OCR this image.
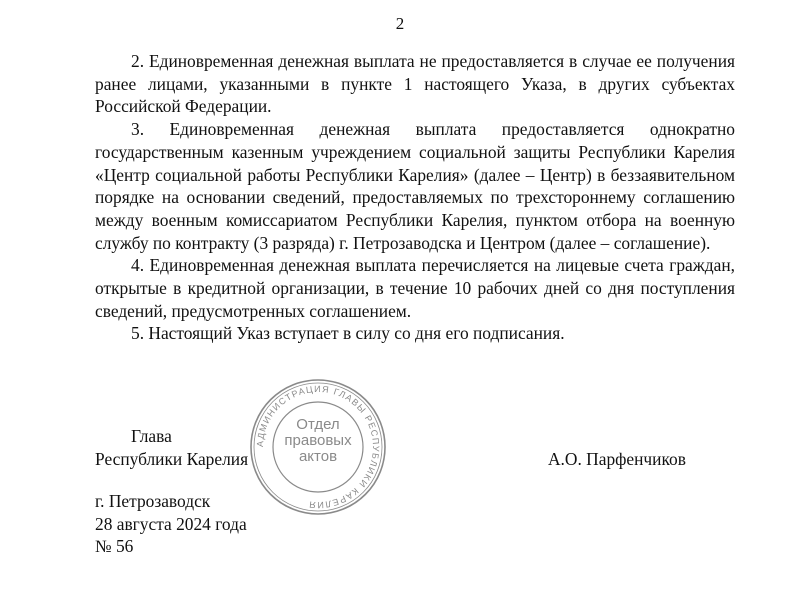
2

2. Единовременная денежная выплата не предоставляется в случае ее получения ранее лицами, указанными в пункте 1 настоящего Указа, в других субъектах Российской Федерации.

3. Единовременная денежная выплата предоставляется однократно государственным казенным учреждением социальной защиты Республики Карелия «Центр социальной работы Республики Карелия» (далее – Центр) в беззаявительном порядке на основании сведений, предоставляемых по трехстороннему соглашению между военным комиссариатом Республики Карелия, пунктом отбора на военную службу по контракту (3 разряда) г. Петрозаводска и Центром (далее – соглашение).

4. Единовременная денежная выплата перечисляется на лицевые счета граждан, открытые в кредитной организации, в течение 10 рабочих дней со дня поступления сведений, предусмотренных соглашением.

5. Настоящий Указ вступает в силу со дня его подписания.

АДМИНИСТРАЦИЯ ГЛАВЫ РЕСПУБЛИКИ КАРЕЛИЯ
Отдел
правовых
актов
Глава
Республики Карелия	А.О. Парфенчиков
г. Петрозаводск
28 августа 2024 года
№ 56
